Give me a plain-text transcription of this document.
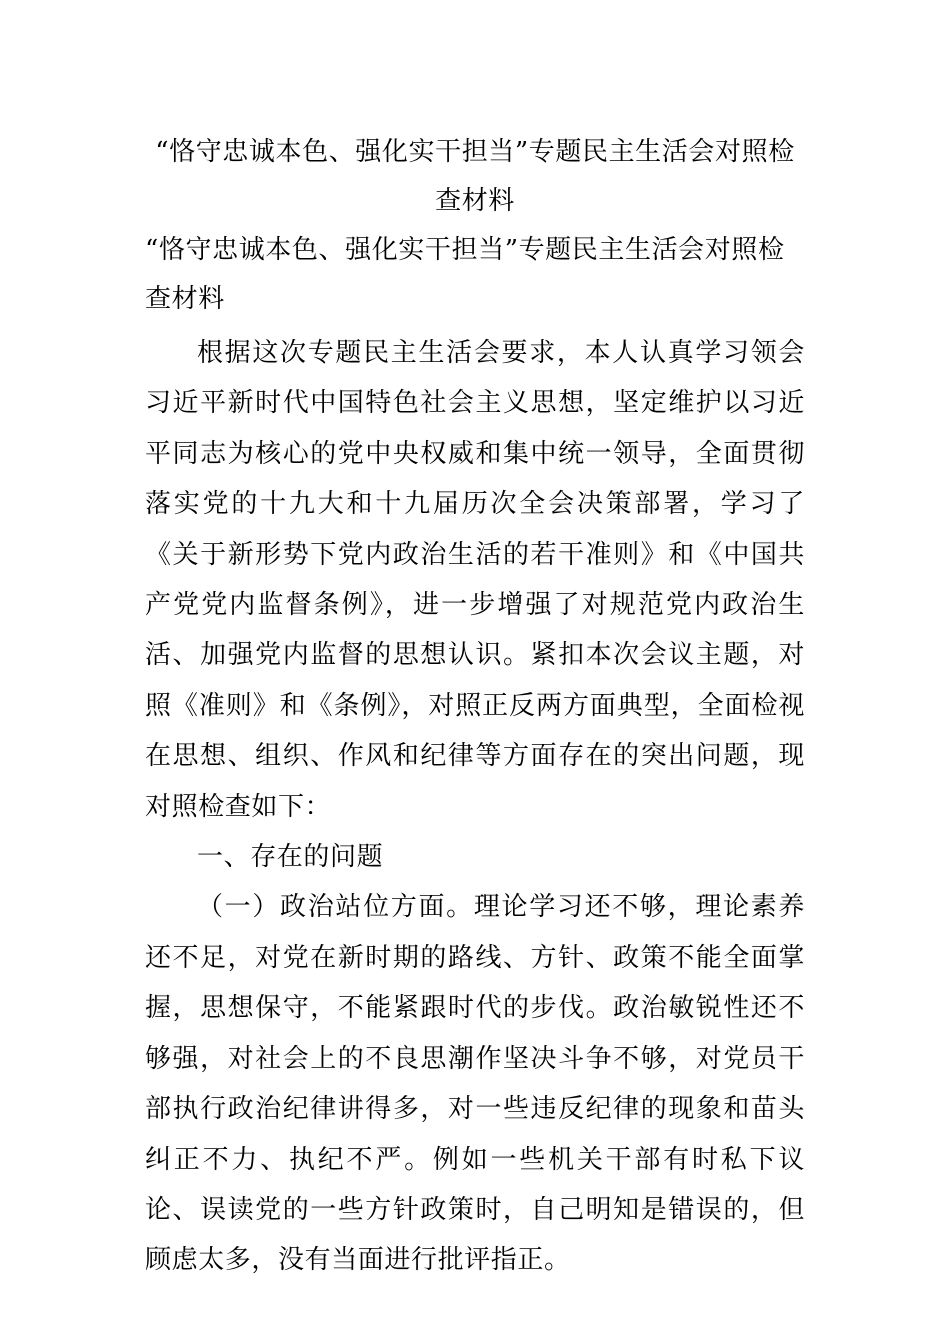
“恪守忠诚本色、强化实干担当”专题民主生活会对照检查材料
“恪守忠诚本色、强化实干担当”专题民主生活会对照检查材料

根据这次专题民主生活会要求，本人认真学习领会习近平新时代中国特色社会主义思想，坚定维护以习近平同志为核心的党中央权威和集中统一领导，全面贯彻落实党的十九大和十九届历次全会决策部署，学习了《关于新形势下党内政治生活的若干准则》和《中国共产党党内监督条例》，进一步增强了对规范党内政治生活、加强党内监督的思想认识。紧扣本次会议主题，对照《准则》和《条例》，对照正反两方面典型，全面检视在思想、组织、作风和纪律等方面存在的突出问题，现对照检查如下：

一、存在的问题

（一）政治站位方面。理论学习还不够，理论素养还不足，对党在新时期的路线、方针、政策不能全面掌握，思想保守，不能紧跟时代的步伐。政治敏锐性还不够强，对社会上的不良思潮作坚决斗争不够，对党员干部执行政治纪律讲得多，对一些违反纪律的现象和苗头纠正不力、执纪不严。例如一些机关干部有时私下议论、误读党的一些方针政策时，自己明知是错误的，但顾虑太多，没有当面进行批评指正。
